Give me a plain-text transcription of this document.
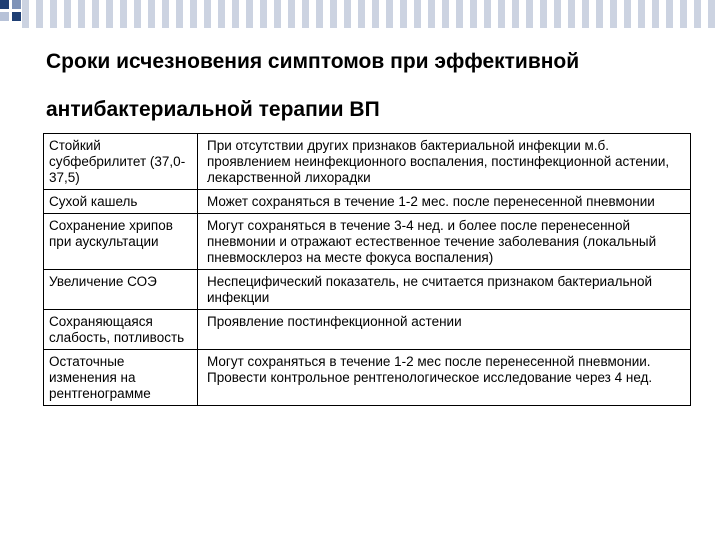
Сроки исчезновения симптомов при эффективной антибактериальной терапии ВП
Стойкий субфебрилитет (37,0- 37,5)	При отсутствии других признаков бактериальной инфекции м.б. проявлением неинфекционного воспаления, постинфекционной астении, лекарственной лихорадки
Сухой кашель	Может сохраняться в течение 1-2 мес. после перенесенной пневмонии
Сохранение хрипов при аускультации	Могут сохраняться в течение 3-4 нед. и более после перенесенной пневмонии и отражают естественное течение заболевания (локальный пневмосклероз на месте фокуса воспаления)
Увеличение СОЭ	Неспецифический показатель, не считается признаком бактериальной инфекции
Сохраняющаяся слабость, потливость	Проявление постинфекционной астении
Остаточные изменения на рентгенограмме	Могут сохраняться в течение 1-2 мес после перенесенной пневмонии. Провести контрольное рентгенологическое исследование через 4 нед.
